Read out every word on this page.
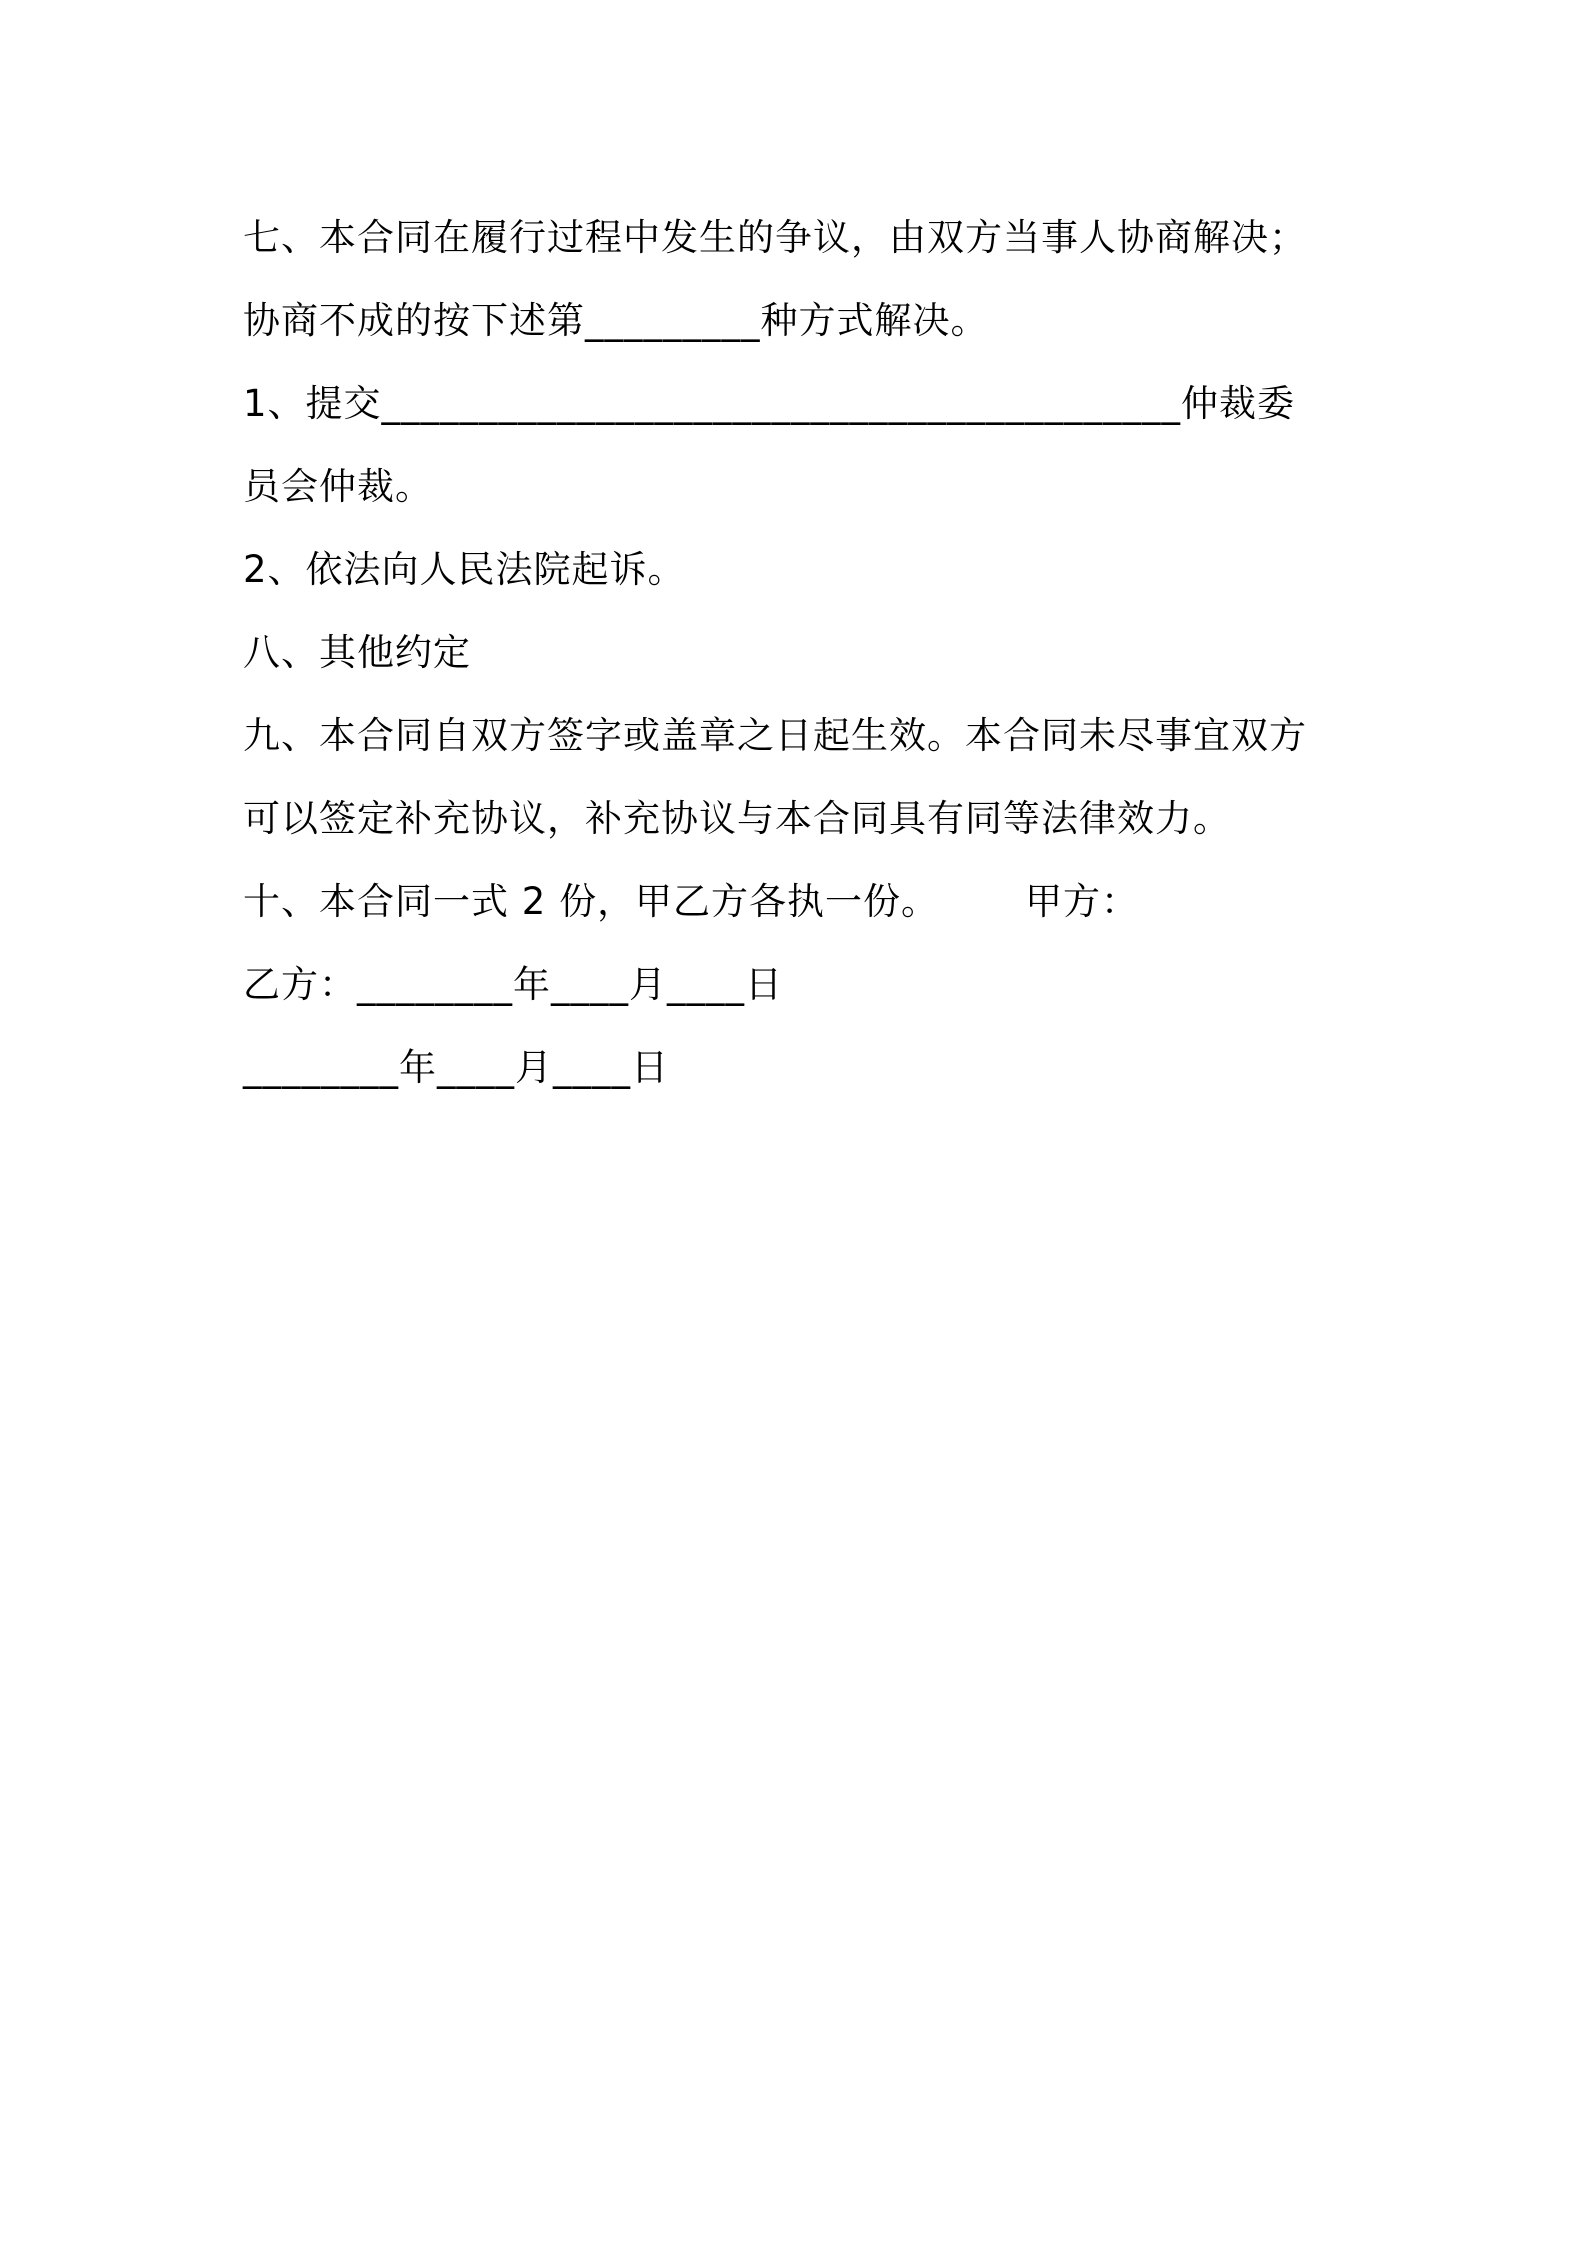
七、本合同在履行过程中发生的争议，由双方当事人协商解决；
协商不成的按下述第_________种方式解决。
1、提交_________________________________________仲裁委
员会仲裁。
2、依法向人民法院起诉。
八、其他约定
九、本合同自双方签字或盖章之日起生效。本合同未尽事宜双方
可以签定补充协议，补充协议与本合同具有同等法律效力。
十、本合同一式 2 份，甲乙方各执一份。 甲方：
乙方：________年____月____日
________年____月____日
